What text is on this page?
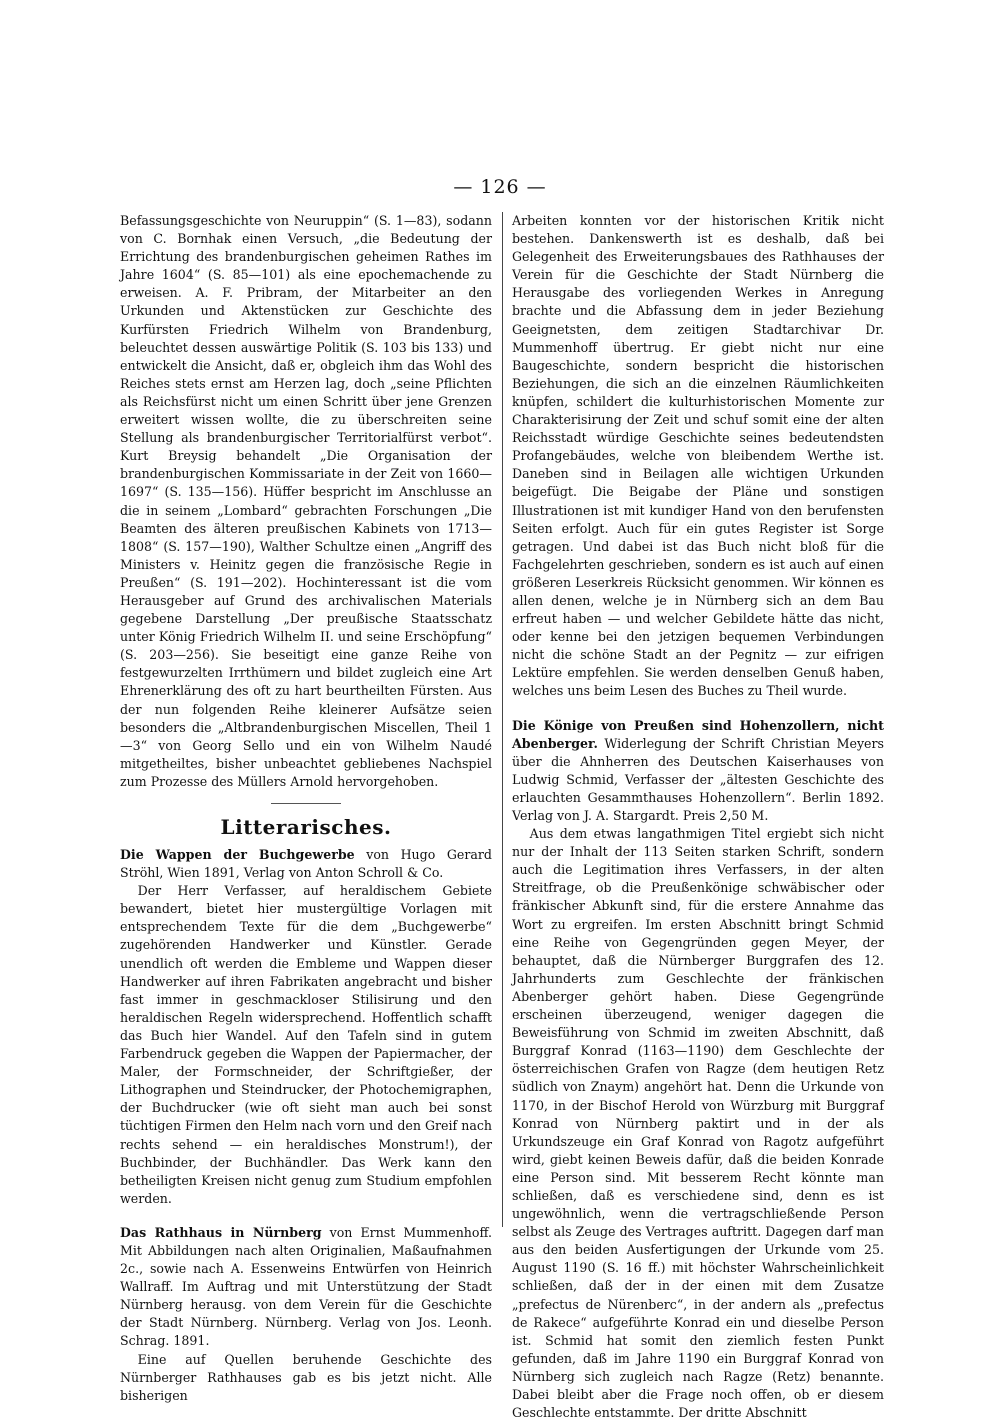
— 126 —

Befassungsgeschichte von Neuruppin“ (S. 1—83), sodann von C. Bornhak einen Versuch, „die Bedeutung der Errichtung des brandenburgischen geheimen Rathes im Jahre 1604“ (S. 85—101) als eine epochemachende zu erweisen. A. F. Pribram, der Mitarbeiter an den Urkunden und Aktenstücken zur Geschichte des Kurfürsten Friedrich Wilhelm von Brandenburg, beleuchtet dessen auswärtige Politik (S. 103 bis 133) und entwickelt die Ansicht, daß er, obgleich ihm das Wohl des Reiches stets ernst am Herzen lag, doch „seine Pflichten als Reichsfürst nicht um einen Schritt über jene Grenzen erweitert wissen wollte, die zu überschreiten seine Stellung als brandenburgischer Territorialfürst verbot“. Kurt Breysig behandelt „Die Organisation der brandenburgischen Kommissariate in der Zeit von 1660—1697“ (S. 135—156). Hüffer bespricht im Anschlusse an die in seinem „Lombard“ gebrachten Forschungen „Die Beamten des älteren preußischen Kabinets von 1713—1808“ (S. 157—190), Walther Schultze einen „Angriff des Ministers v. Heinitz gegen die französische Regie in Preußen“ (S. 191—202). Hochinteressant ist die vom Herausgeber auf Grund des archivalischen Materials gegebene Darstellung „Der preußische Staatsschatz unter König Friedrich Wilhelm II. und seine Erschöpfung“ (S. 203—256). Sie beseitigt eine ganze Reihe von festgewurzelten Irrthümern und bildet zugleich eine Art Ehrenerklärung des oft zu hart beurtheilten Fürsten. Aus der nun folgenden Reihe kleinerer Aufsätze seien besonders die „Altbrandenburgischen Miscellen, Theil 1—3“ von Georg Sello und ein von Wilhelm Naudé mitgetheiltes, bisher unbeachtet gebliebenes Nachspiel zum Prozesse des Müllers Arnold hervorgehoben.

Litterarisches.

Die Wappen der Buchgewerbe von Hugo Gerard Ströhl, Wien 1891, Verlag von Anton Schroll & Co.

Der Herr Verfasser, auf heraldischem Gebiete bewandert, bietet hier mustergültige Vorlagen mit entsprechendem Texte für die dem „Buchgewerbe“ zugehörenden Handwerker und Künstler. Gerade unendlich oft werden die Embleme und Wappen dieser Handwerker auf ihren Fabrikaten angebracht und bisher fast immer in geschmackloser Stilisirung und den heraldischen Regeln widersprechend. Hoffentlich schafft das Buch hier Wandel. Auf den Tafeln sind in gutem Farbendruck gegeben die Wappen der Papiermacher, der Maler, der Formschneider, der Schriftgießer, der Lithographen und Steindrucker, der Photochemigraphen, der Buchdrucker (wie oft sieht man auch bei sonst tüchtigen Firmen den Helm nach vorn und den Greif nach rechts sehend — ein heraldisches Monstrum!), der Buchbinder, der Buchhändler. Das Werk kann den betheiligten Kreisen nicht genug zum Studium empfohlen werden.

Das Rathhaus in Nürnberg von Ernst Mummenhoff. Mit Abbildungen nach alten Originalien, Maßaufnahmen 2c., sowie nach A. Essenweins Entwürfen von Heinrich Wallraff. Im Auftrag und mit Unterstützung der Stadt Nürnberg herausg. von dem Verein für die Geschichte der Stadt Nürnberg. Nürnberg. Verlag von Jos. Leonh. Schrag. 1891.

Eine auf Quellen beruhende Geschichte des Nürnberger Rathhauses gab es bis jetzt nicht. Alle bisherigen

Arbeiten konnten vor der historischen Kritik nicht bestehen. Dankenswerth ist es deshalb, daß bei Gelegenheit des Erweiterungsbaues des Rathhauses der Verein für die Geschichte der Stadt Nürnberg die Herausgabe des vorliegenden Werkes in Anregung brachte und die Abfassung dem in jeder Beziehung Geeignetsten, dem zeitigen Stadtarchivar Dr. Mummenhoff übertrug. Er giebt nicht nur eine Baugeschichte, sondern bespricht die historischen Beziehungen, die sich an die einzelnen Räumlichkeiten knüpfen, schildert die kulturhistorischen Momente zur Charakterisirung der Zeit und schuf somit eine der alten Reichsstadt würdige Geschichte seines bedeutendsten Profangebäudes, welche von bleibendem Werthe ist. Daneben sind in Beilagen alle wichtigen Urkunden beigefügt. Die Beigabe der Pläne und sonstigen Illustrationen ist mit kundiger Hand von den berufensten Seiten erfolgt. Auch für ein gutes Register ist Sorge getragen. Und dabei ist das Buch nicht bloß für die Fachgelehrten geschrieben, sondern es ist auch auf einen größeren Leserkreis Rücksicht genommen. Wir können es allen denen, welche je in Nürnberg sich an dem Bau erfreut haben — und welcher Gebildete hätte das nicht, oder kenne bei den jetzigen bequemen Verbindungen nicht die schöne Stadt an der Pegnitz — zur eifrigen Lektüre empfehlen. Sie werden denselben Genuß haben, welches uns beim Lesen des Buches zu Theil wurde.

Die Könige von Preußen sind Hohenzollern, nicht Abenberger. Widerlegung der Schrift Christian Meyers über die Ahnherren des Deutschen Kaiserhauses von Ludwig Schmid, Verfasser der „ältesten Geschichte des erlauchten Gesammthauses Hohenzollern“. Berlin 1892. Verlag von J. A. Stargardt. Preis 2,50 M.

Aus dem etwas langathmigen Titel ergiebt sich nicht nur der Inhalt der 113 Seiten starken Schrift, sondern auch die Legitimation ihres Verfassers, in der alten Streitfrage, ob die Preußenkönige schwäbischer oder fränkischer Abkunft sind, für die erstere Annahme das Wort zu ergreifen. Im ersten Abschnitt bringt Schmid eine Reihe von Gegengründen gegen Meyer, der behauptet, daß die Nürnberger Burggrafen des 12. Jahrhunderts zum Geschlechte der fränkischen Abenberger gehört haben. Diese Gegengründe erscheinen überzeugend, weniger dagegen die Beweisführung von Schmid im zweiten Abschnitt, daß Burggraf Konrad (1163—1190) dem Geschlechte der österreichischen Grafen von Ragze (dem heutigen Retz südlich von Znaym) angehört hat. Denn die Urkunde von 1170, in der Bischof Herold von Würzburg mit Burggraf Konrad von Nürnberg paktirt und in der als Urkundszeuge ein Graf Konrad von Ragotz aufgeführt wird, giebt keinen Beweis dafür, daß die beiden Konrade eine Person sind. Mit besserem Recht könnte man schließen, daß es verschiedene sind, denn es ist ungewöhnlich, wenn die vertragschließende Person selbst als Zeuge des Vertrages auftritt. Dagegen darf man aus den beiden Ausfertigungen der Urkunde vom 25. August 1190 (S. 16 ff.) mit höchster Wahrscheinlichkeit schließen, daß der in der einen mit dem Zusatze „prefectus de Nürenberc“, in der andern als „prefectus de Rakece“ aufgeführte Konrad ein und dieselbe Person ist. Schmid hat somit den ziemlich festen Punkt gefunden, daß im Jahre 1190 ein Burggraf Konrad von Nürnberg sich zugleich nach Ragze (Retz) benannte. Dabei bleibt aber die Frage noch offen, ob er diesem Geschlechte entstammte. Der dritte Abschnitt
